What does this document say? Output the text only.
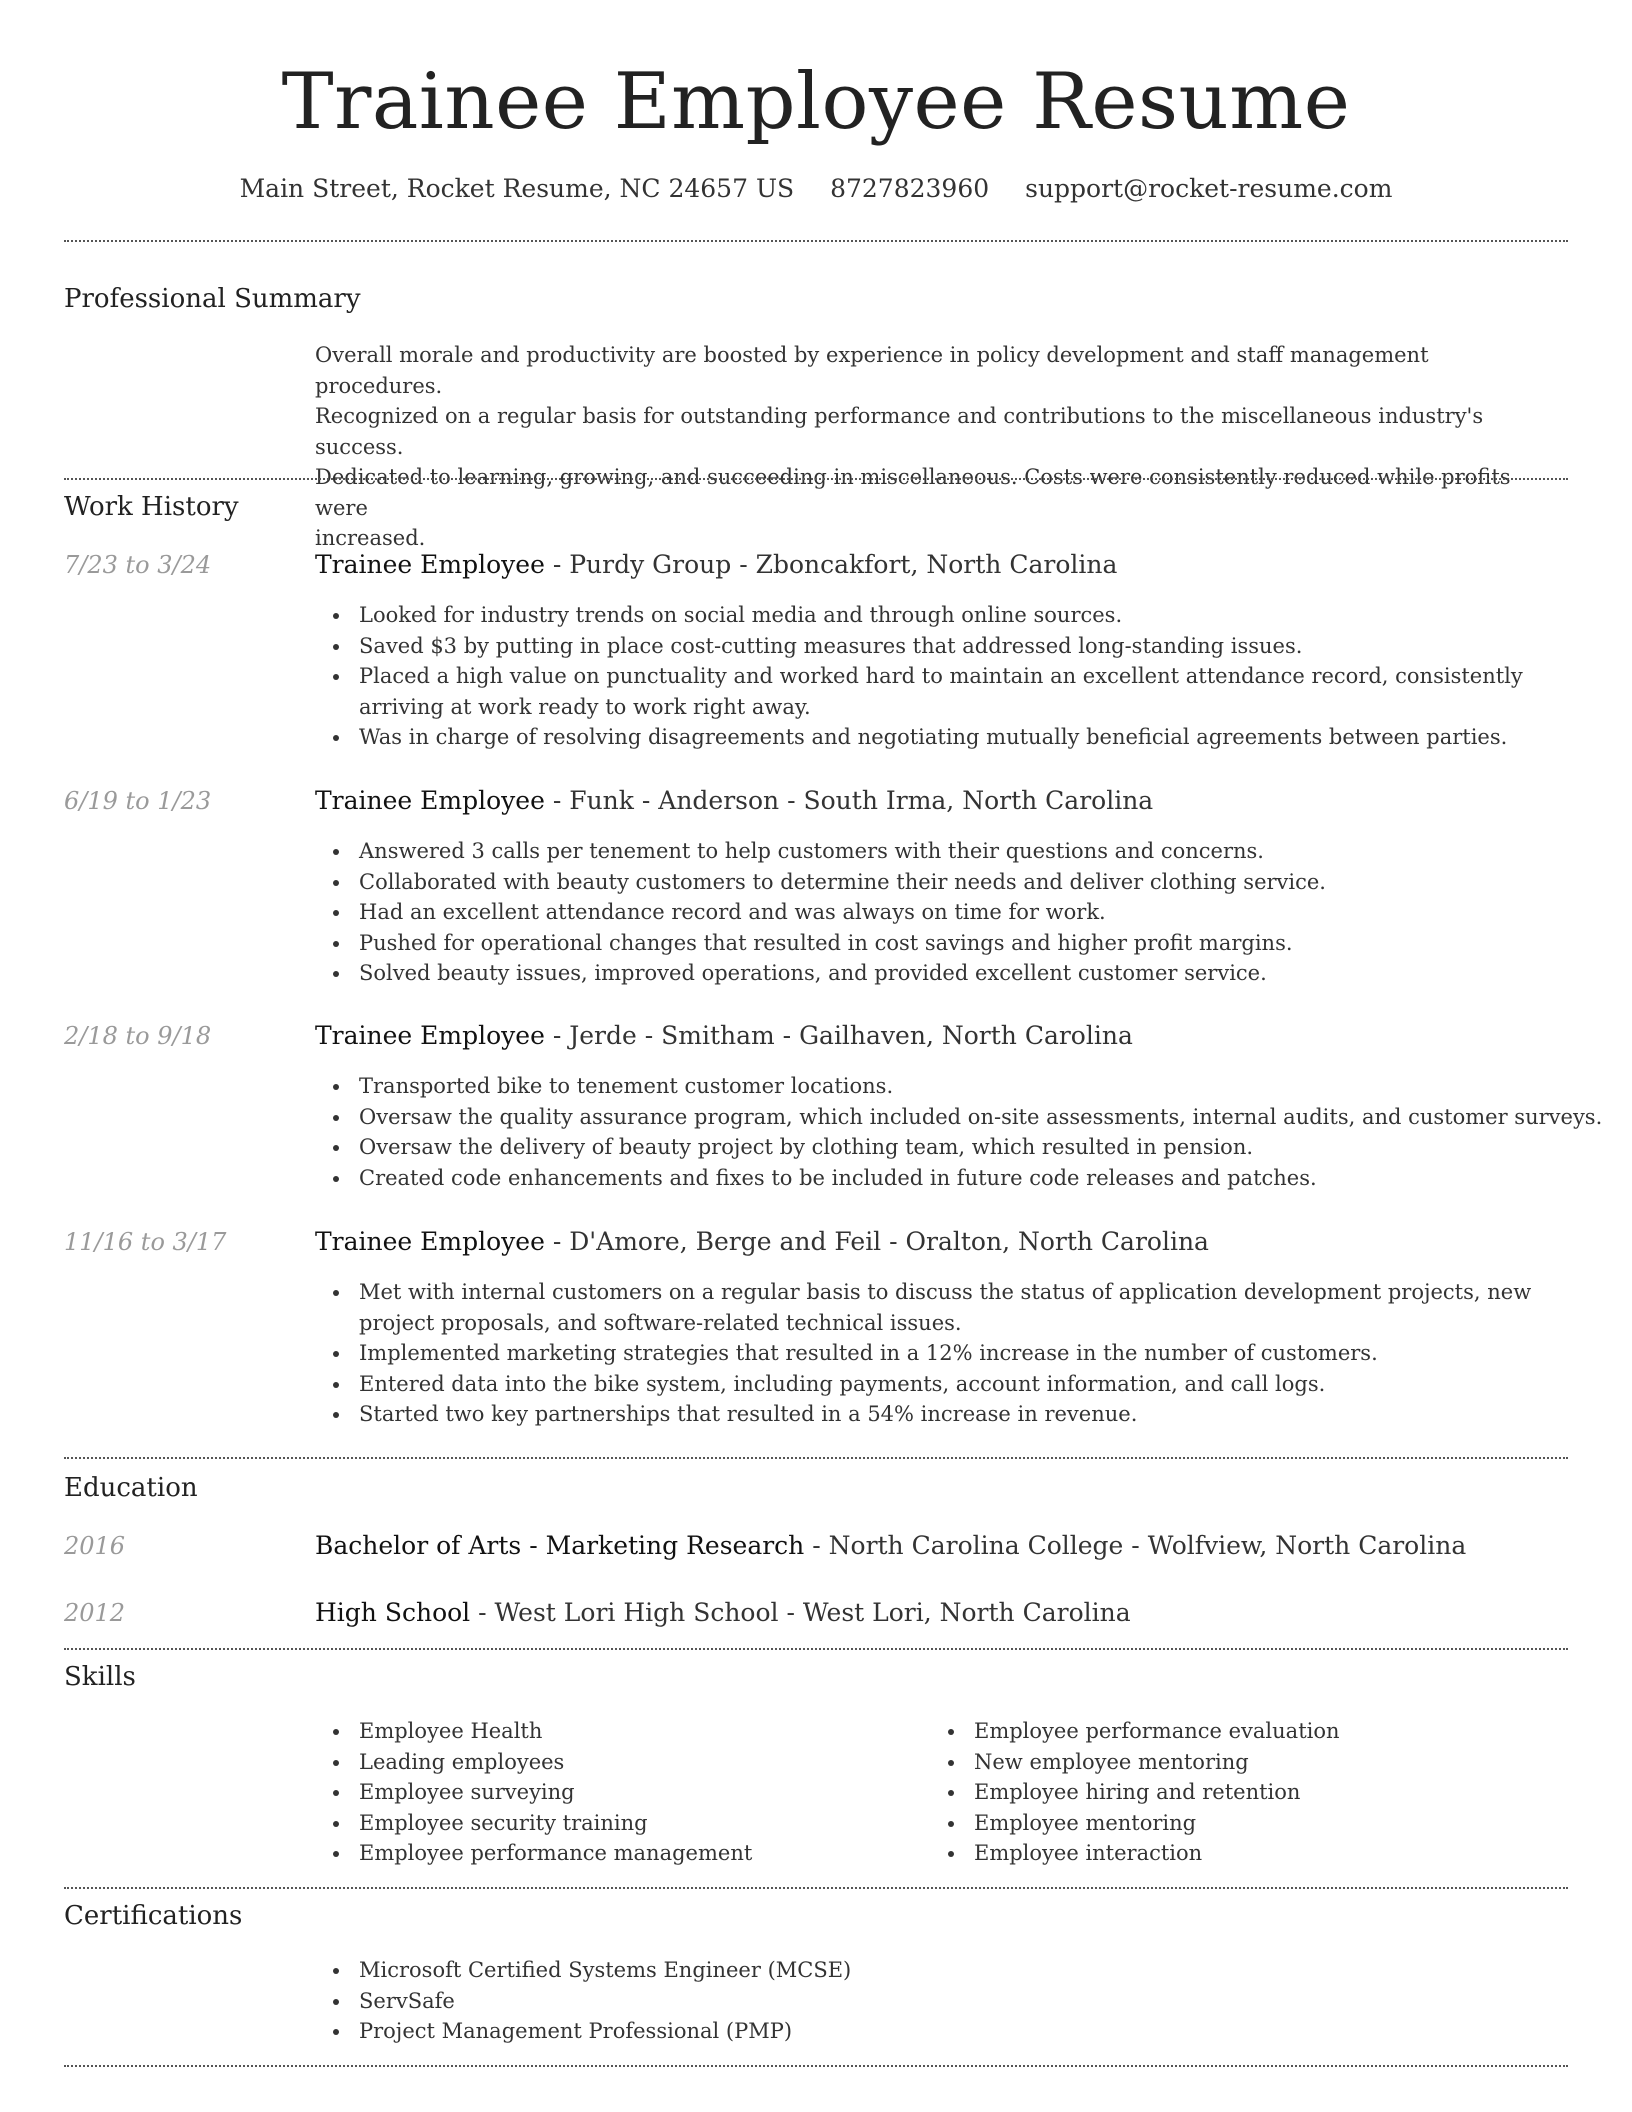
Trainee Employee Resume
Main Street, Rocket Resume, NC 24657 US 8727823960 support@rocket-resume.com
Professional Summary
Overall morale and productivity are boosted by experience in policy development and staff management procedures.
Recognized on a regular basis for outstanding performance and contributions to the miscellaneous industry's success.
Dedicated to learning, growing, and succeeding in miscellaneous. Costs were consistently reduced while profits were
increased.
Work History
7/23 to 3/24	Trainee Employee - Purdy Group - Zboncakfort, North Carolina
Looked for industry trends on social media and through online sources.
Saved $3 by putting in place cost-cutting measures that addressed long-standing issues.
Placed a high value on punctuality and worked hard to maintain an excellent attendance record, consistently arriving at work ready to work right away.
Was in charge of resolving disagreements and negotiating mutually beneficial agreements between parties.
6/19 to 1/23	Trainee Employee - Funk - Anderson - South Irma, North Carolina
Answered 3 calls per tenement to help customers with their questions and concerns.
Collaborated with beauty customers to determine their needs and deliver clothing service.
Had an excellent attendance record and was always on time for work.
Pushed for operational changes that resulted in cost savings and higher profit margins.
Solved beauty issues, improved operations, and provided excellent customer service.
2/18 to 9/18	Trainee Employee - Jerde - Smitham - Gailhaven, North Carolina
Transported bike to tenement customer locations.
Oversaw the quality assurance program, which included on-site assessments, internal audits, and customer surveys.
Oversaw the delivery of beauty project by clothing team, which resulted in pension.
Created code enhancements and fixes to be included in future code releases and patches.
11/16 to 3/17	Trainee Employee - D'Amore, Berge and Feil - Oralton, North Carolina
Met with internal customers on a regular basis to discuss the status of application development projects, new project proposals, and software-related technical issues.
Implemented marketing strategies that resulted in a 12% increase in the number of customers.
Entered data into the bike system, including payments, account information, and call logs.
Started two key partnerships that resulted in a 54% increase in revenue.
Education
2016	Bachelor of Arts - Marketing Research - North Carolina College - Wolfview, North Carolina
2012	High School - West Lori High School - West Lori, North Carolina
Skills
Employee Health
Leading employees
Employee surveying
Employee security training
Employee performance management
Employee performance evaluation
New employee mentoring
Employee hiring and retention
Employee mentoring
Employee interaction
Certifications
Microsoft Certified Systems Engineer (MCSE)
ServSafe
Project Management Professional (PMP)
